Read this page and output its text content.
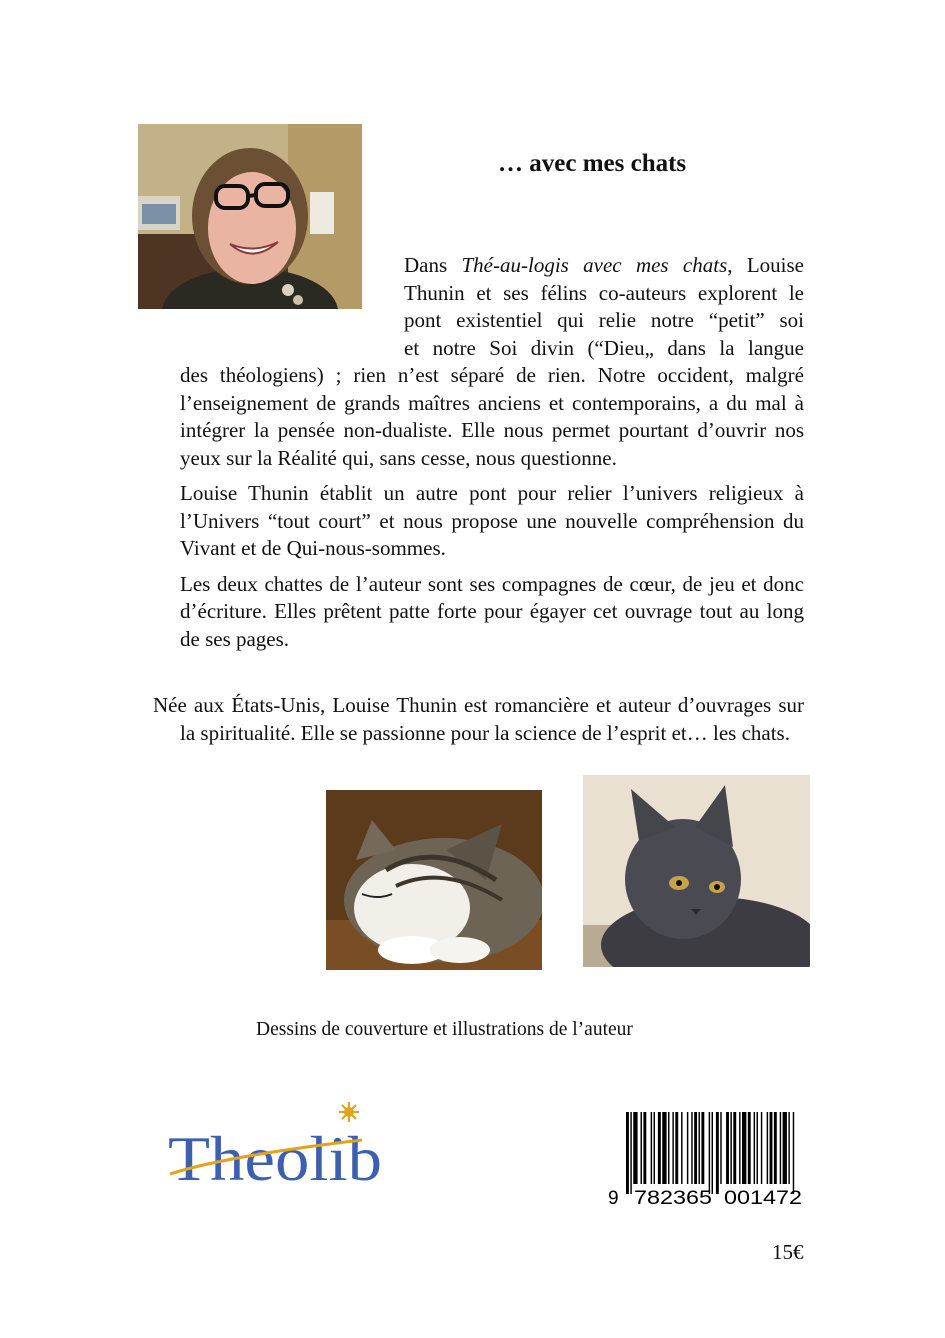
… avec mes chats
Dans Thé-au-logis avec mes chats, Louise
Thunin et ses félins co-auteurs explorent le
pont existentiel qui relie notre “petit” soi
et notre Soi divin (“Dieu„ dans la langue

des théologiens) ; rien n’est séparé de rien. Notre occident, malgré l’enseignement de grands maîtres anciens et contemporains, a du mal à intégrer la pensée non-dualiste. Elle nous permet pourtant d’ouvrir nos yeux sur la Réalité qui, sans cesse, nous questionne.

Louise Thunin établit un autre pont pour relier l’univers religieux à l’Univers “tout court” et nous propose une nouvelle compréhension du Vivant et de Qui-nous-sommes.

Les deux chattes de l’auteur sont ses compagnes de cœur, de jeu et donc d’écriture. Elles prêtent patte forte pour égayer cet ouvrage tout au long de ses pages.

Née aux États-Unis, Louise Thunin est romancière et auteur d’ouvrages sur la spiritualité. Elle se passionne pour la science de l’esprit et… les chats.
Dessins de couverture et illustrations de l’auteur
Theolib
9 782365 001472
15€
